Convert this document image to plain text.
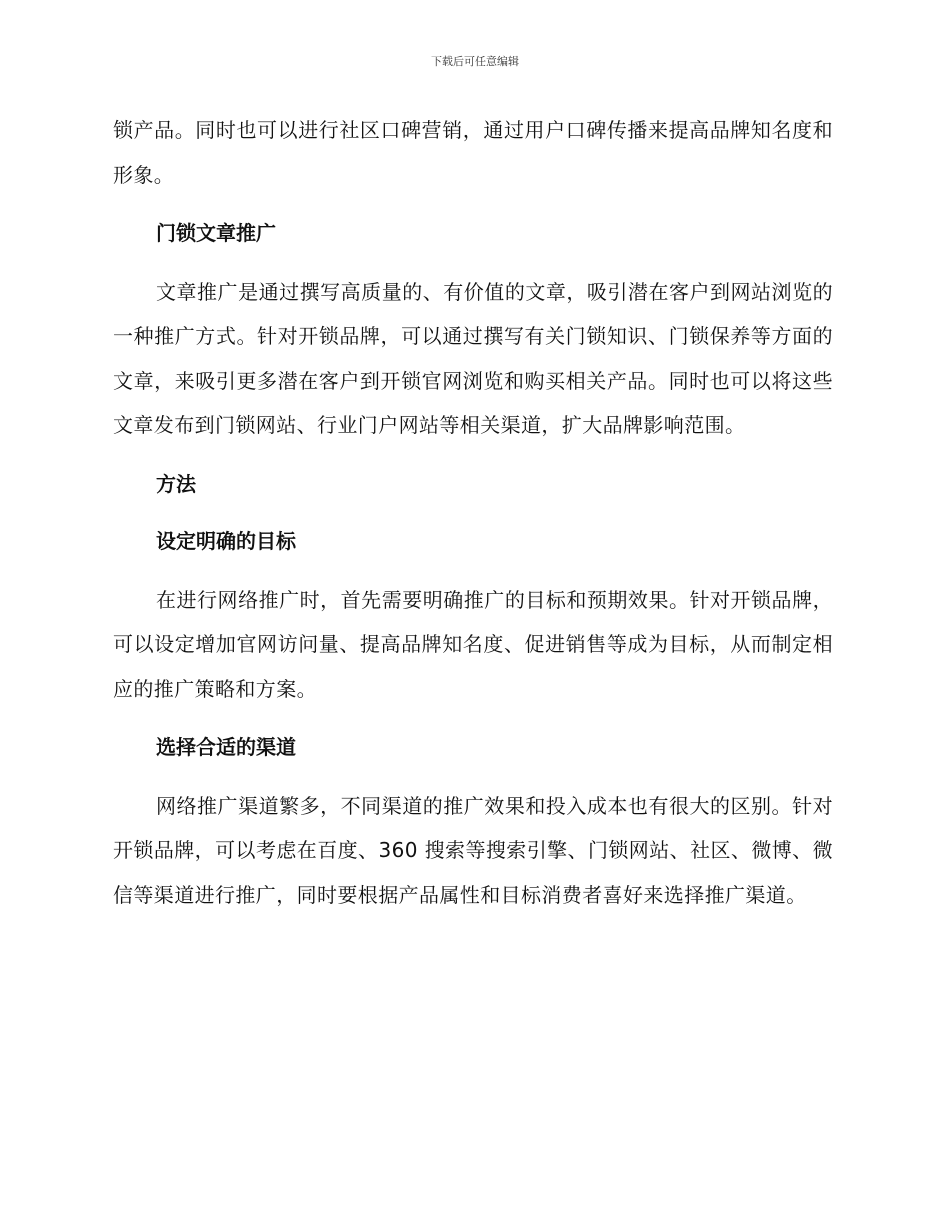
下载后可任意编辑

锁产品。同时也可以进行社区口碑营销，通过用户口碑传播来提高品牌知名度和形象。

门锁文章推广

文章推广是通过撰写高质量的、有价值的文章，吸引潜在客户到网站浏览的一种推广方式。针对开锁品牌，可以通过撰写有关门锁知识、门锁保养等方面的文章，来吸引更多潜在客户到开锁官网浏览和购买相关产品。同时也可以将这些文章发布到门锁网站、行业门户网站等相关渠道，扩大品牌影响范围。

方法
设定明确的目标

在进行网络推广时，首先需要明确推广的目标和预期效果。针对开锁品牌，可以设定增加官网访问量、提高品牌知名度、促进销售等成为目标，从而制定相应的推广策略和方案。

选择合适的渠道

网络推广渠道繁多，不同渠道的推广效果和投入成本也有很大的区别。针对开锁品牌，可以考虑在百度、360 搜索等搜索引擎、门锁网站、社区、微博、微信等渠道进行推广，同时要根据产品属性和目标消费者喜好来选择推广渠道。
